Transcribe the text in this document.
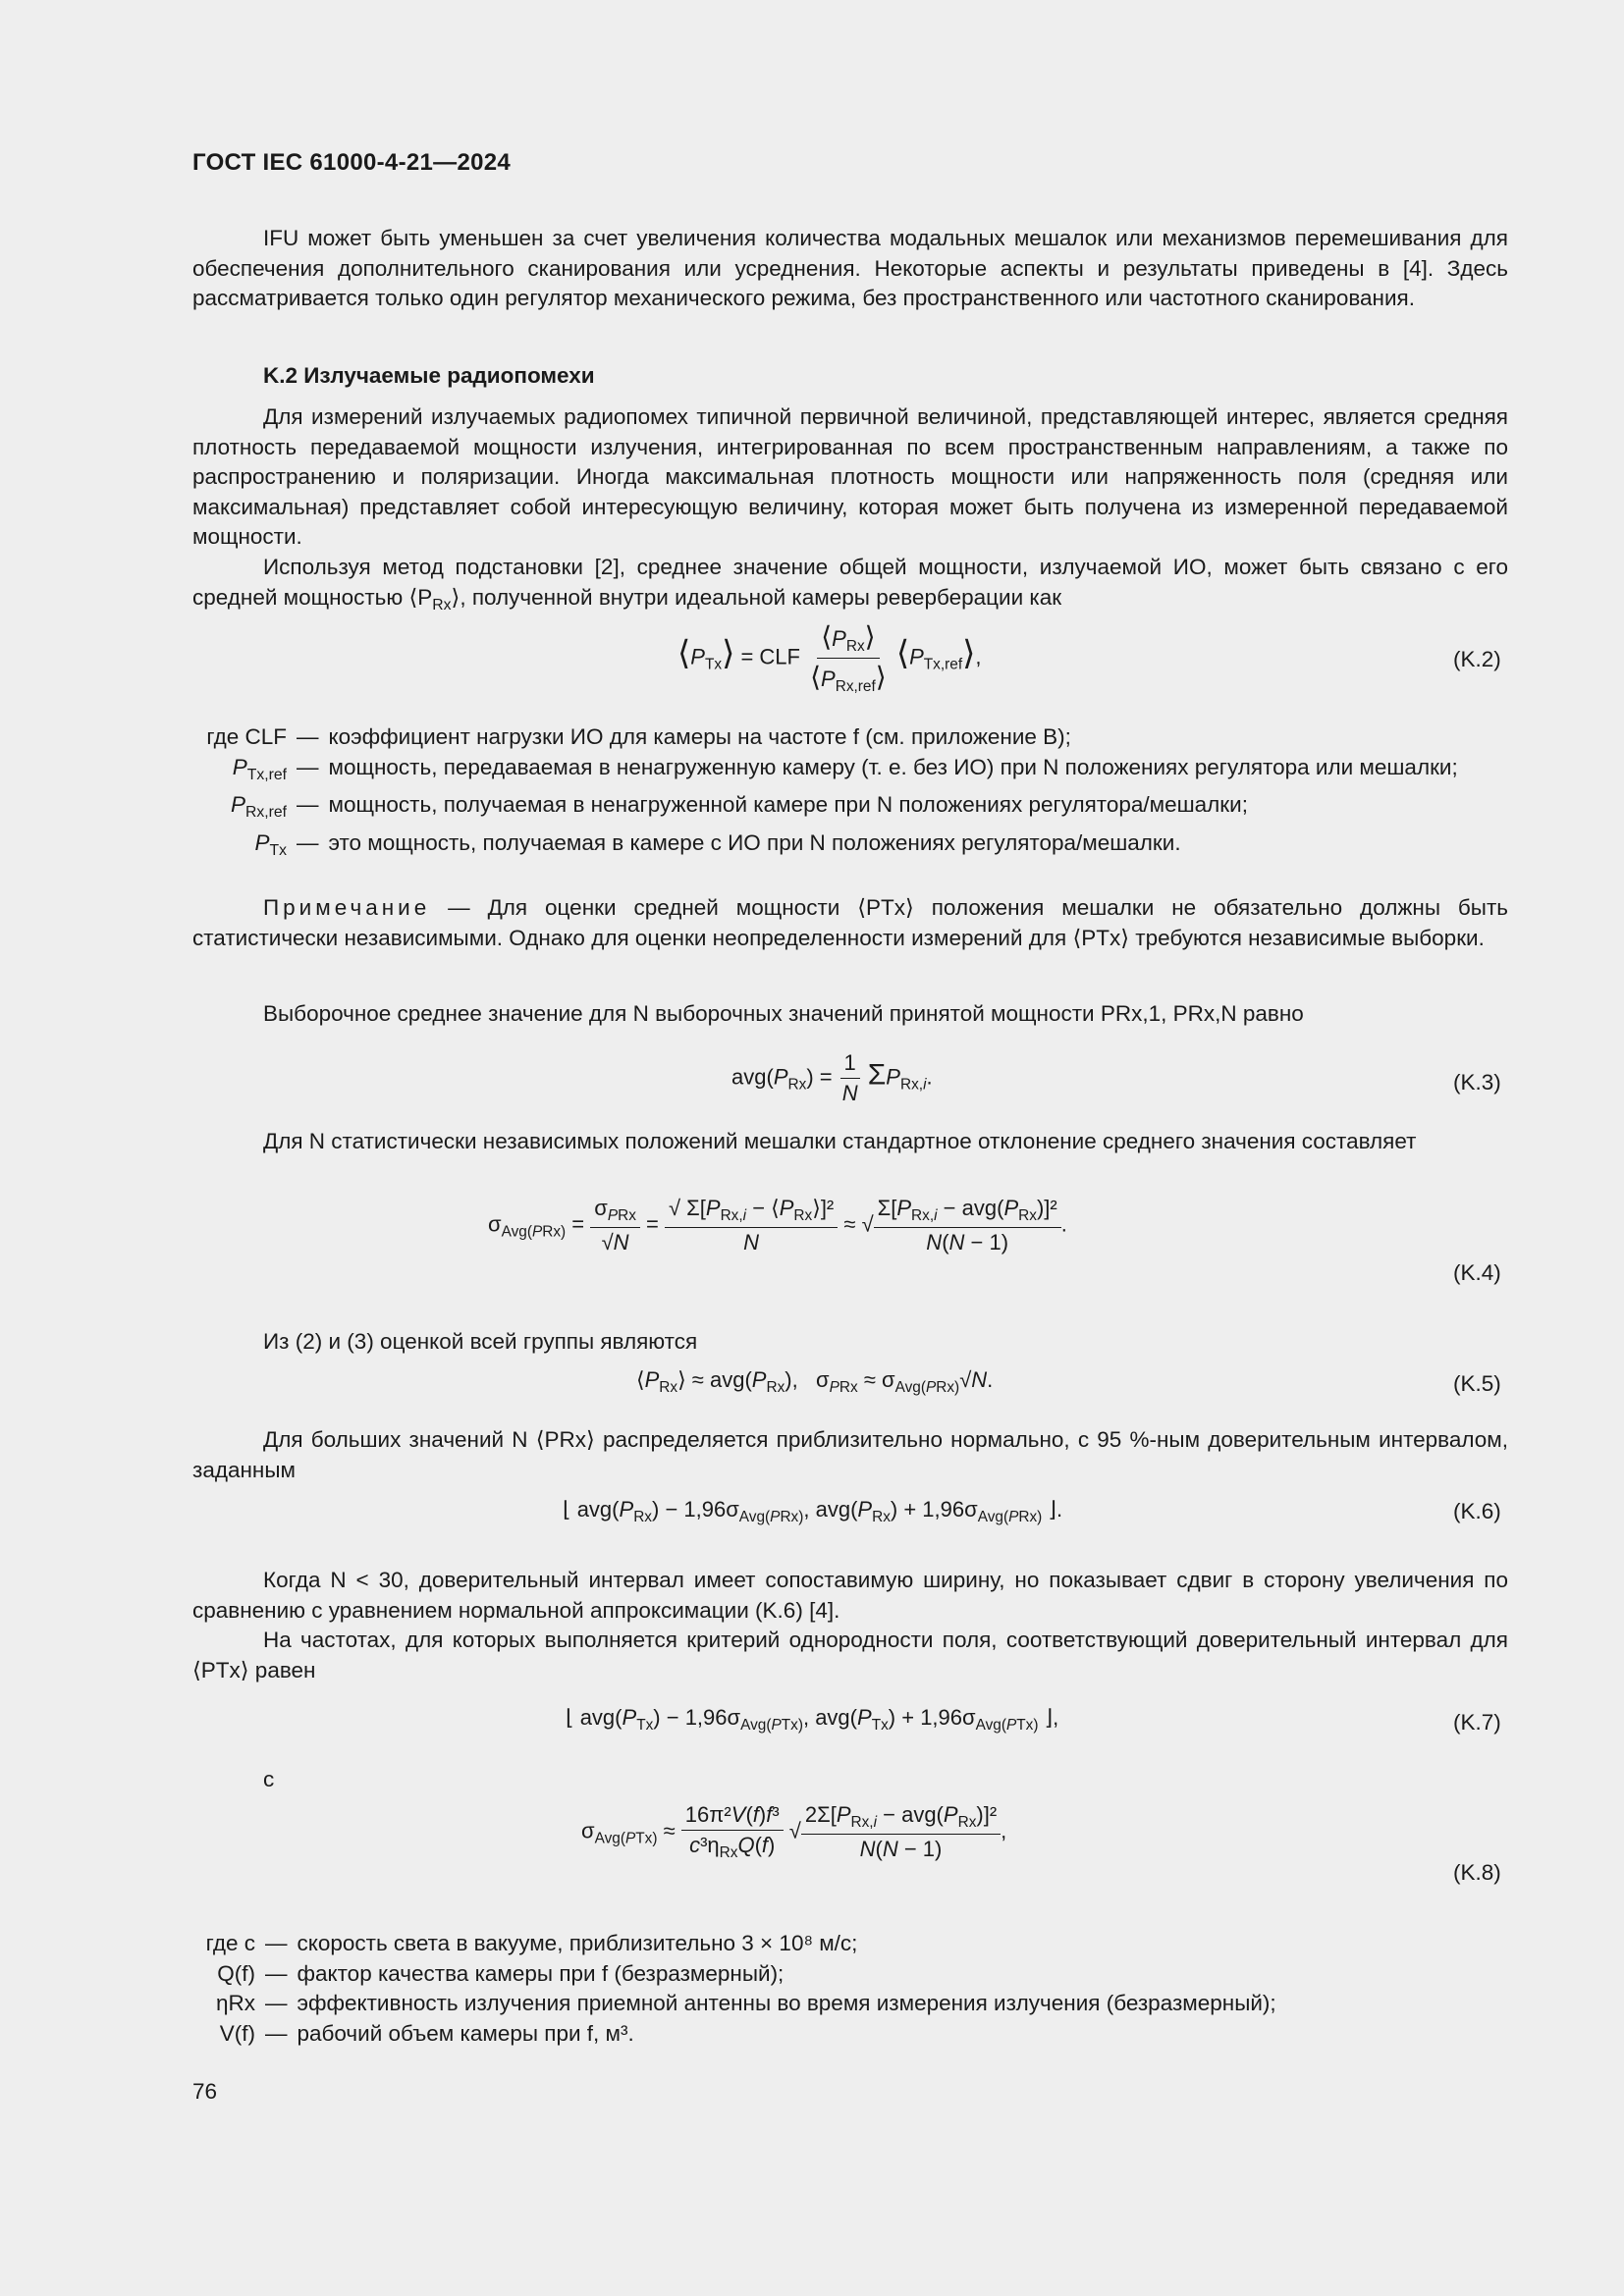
ГОСТ IEC 61000-4-21—2024
IFU может быть уменьшен за счет увеличения количества модальных мешалок или механизмов перемешивания для обеспечения дополнительного сканирования или усреднения. Некоторые аспекты и результаты приведены в [4]. Здесь рассматривается только один регулятор механического режима, без пространственного или частотного сканирования.
K.2 Излучаемые радиопомехи
Для измерений излучаемых радиопомех типичной первичной величиной, представляющей интерес, является средняя плотность передаваемой мощности излучения, интегрированная по всем пространственным направлениям, а также по распространению и поляризации. Иногда максимальная плотность мощности или напряженность поля (средняя или максимальная) представляет собой интересующую величину, которая может быть получена из измеренной передаваемой мощности.
Используя метод подстановки [2], среднее значение общей мощности, излучаемой ИО, может быть связано с его средней мощностью $⟨P_{Rx}⟩$, полученной внутри идеальной камеры реверберации как
$⟨P_{Tx}⟩$ = CLF $\frac{⟨P_{Rx}⟩}{⟨P_{Rx,ref}⟩}$ $⟨P_{Tx,ref}⟩$,	(K.2)
где CLF — коэффициент нагрузки ИО для камеры на частоте f (см. приложение В);
$P_{Tx,ref}$ — мощность, передаваемая в ненагруженную камеру (т. е. без ИО) при N положениях регулятора или мешалки;
$P_{Rx,ref}$ — мощность, получаемая в ненагруженной камере при N положениях регулятора/мешалки;
$P_{Tx}$ — это мощность, получаемая в камере с ИО при N положениях регулятора/мешалки.
Примечание — Для оценки средней мощности ⟨PTx⟩ положения мешалки не обязательно должны быть статистически независимыми. Однако для оценки неопределенности измерений для ⟨PTx⟩ требуются независимые выборки.
Выборочное среднее значение для N выборочных значений принятой мощности PRx,1, PRx,N равно
$avg(P_{Rx}) = \frac{1}{N} \Sigma P_{Rx,i}$.	(K.3)
Для N статистически независимых положений мешалки стандартное отклонение среднего значения составляет
$\sigma_{Avg(PRx)} = \frac{\sigma_{PRx}}{√N} = \frac{√ \Sigma[P_{Rx,i} - ⟨P_{Rx}⟩]^2}{N}$ ≈ √ $\frac{\Sigma[P_{Rx,i} - avg(P_{Rx})]^2}{N(N - 1)}$ .
(K.4)
Из (2) и (3) оценкой всей группы являются
$⟨P_{Rx}⟩ \approx avg(P_{Rx})$,   $\sigma_{PRx} \approx \sigma_{Avg(PRx)}√N$.	(K.5)
Для больших значений N ⟨PRx⟩ распределяется приблизительно нормально, с 95 %-ным доверительным интервалом, заданным
⌊ $avg(P_{Rx}) - 1,96\sigma_{Avg(PRx)}$, $avg(P_{Rx}) + 1,96\sigma_{Avg(PRx)}$ ⌋.	(K.6)
Когда N < 30, доверительный интервал имеет сопоставимую ширину, но показывает сдвиг в сторону увеличения по сравнению с уравнением нормальной аппроксимации (K.6) [4].
На частотах, для которых выполняется критерий однородности поля, соответствующий доверительный интервал для ⟨PTx⟩ равен
⌊ $avg(P_{Tx}) - 1,96\sigma_{Avg(PTx)}$, $avg(P_{Tx}) + 1,96\sigma_{Avg(PTx)}$ ⌋,	(K.7)
с
$\sigma_{Avg(PTx)} \approx \frac{\text{16π²V(f)f³}}{c^3\eta_{Rx}Q(f)}$ √ $\frac{2\Sigma[P_{Rx,i} - avg(P_{Rx})]^2}{N(N - 1)}$ ,
(K.8)
где c — скорость света в вакууме, приблизительно 3 × 10⁸ м/с;
Q(f) — фактор качества камеры при f (безразмерный);
ηRx — эффективность излучения приемной антенны во время измерения излучения (безразмерный);
V(f) — рабочий объем камеры при f, м³.
76
